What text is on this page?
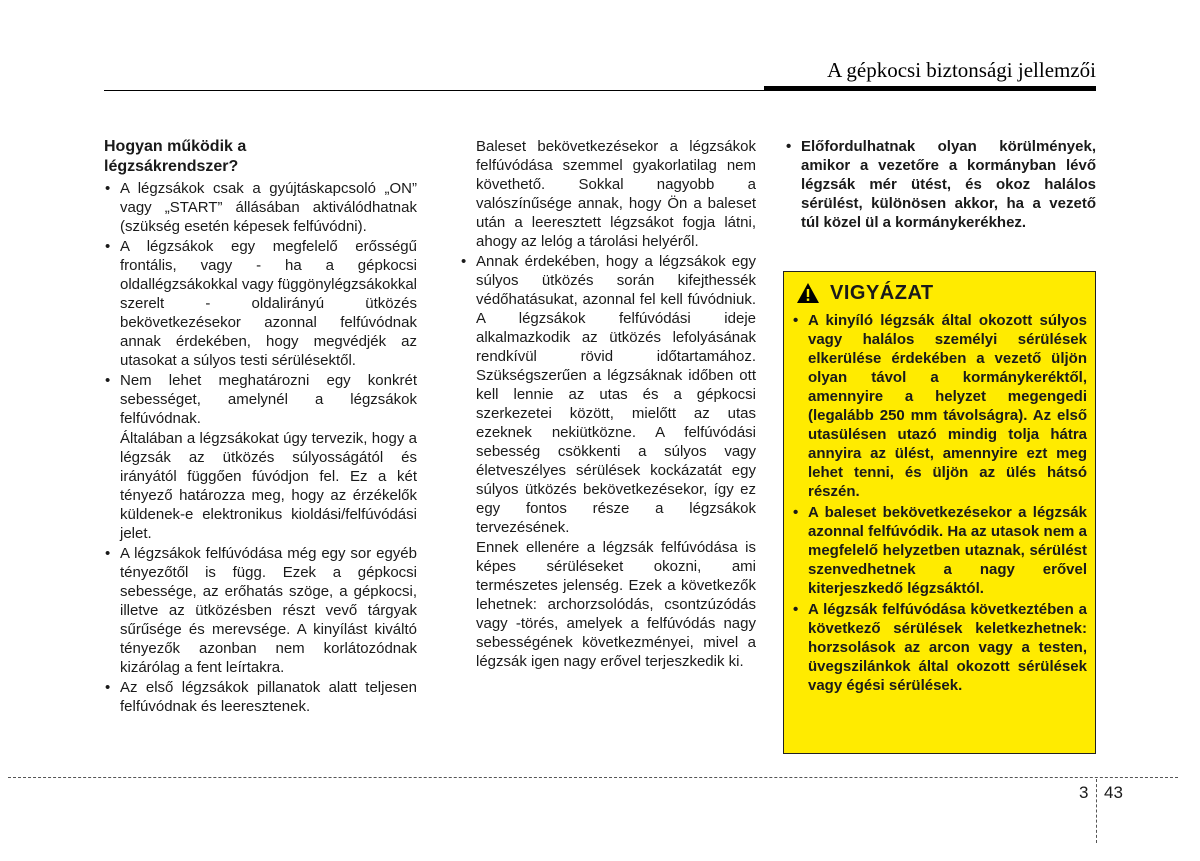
A gépkocsi biztonsági jellemzői
Hogyan működik a
légzsákrendszer?
• A légzsákok csak a gyújtáskapcsoló „ON” vagy „START” állásában aktiválódhatnak (szükség esetén képesek felfúvódni).
• A légzsákok egy megfelelő erősségű frontális, vagy - ha a gépkocsi oldallégzsákokkal vagy függönylégzsákokkal szerelt - oldalirányú ütközés bekövetkezésekor azonnal felfúvódnak annak érdekében, hogy megvédjék az utasokat a súlyos testi sérülésektől.
• Nem lehet meghatározni egy konkrét sebességet, amelynél a légzsákok felfúvódnak.
Általában a légzsákokat úgy tervezik, hogy a légzsák az ütközés súlyosságától és irányától függően fúvódjon fel. Ez a két tényező határozza meg, hogy az érzékelők küldenek-e elektronikus kioldási/felfúvódási jelet.
• A légzsákok felfúvódása még egy sor egyéb tényezőtől is függ. Ezek a gépkocsi sebessége, az erőhatás szöge, a gépkocsi, illetve az ütközésben részt vevő tárgyak sűrűsége és merevsége. A kinyílást kiváltó tényezők azonban nem korlátozódnak kizárólag a fent leírtakra.
• Az első légzsákok pillanatok alatt teljesen felfúvódnak és leeresztenek.
Baleset bekövetkezésekor a légzsákok felfúvódása szemmel gyakorlatilag nem követhető. Sokkal nagyobb a valószínűsége annak, hogy Ön a baleset után a leeresztett légzsákot fogja látni, ahogy az lelóg a tárolási helyéről.
• Annak érdekében, hogy a légzsákok egy súlyos ütközés során kifejthessék védőhatásukat, azonnal fel kell fúvódniuk. A légzsákok felfúvódási ideje alkalmazkodik az ütközés lefolyásának rendkívül rövid időtartamához. Szükségszerűen a légzsáknak időben ott kell lennie az utas és a gépkocsi szerkezetei között, mielőtt az utas ezeknek nekiütközne. A felfúvódási sebesség csökkenti a súlyos vagy életveszélyes sérülések kockázatát egy súlyos ütközés bekövetkezésekor, így ez egy fontos része a légzsákok tervezésének.
Ennek ellenére a légzsák felfúvódása is képes sérüléseket okozni, ami természetes jelenség. Ezek a következők lehetnek: archorzsolódás, csontzúzódás vagy -törés, amelyek a felfúvódás nagy sebességének következményei, mivel a légzsák igen nagy erővel terjeszkedik ki.
• Előfordulhatnak olyan körülmények, amikor a vezetőre a kormányban lévő légzsák mér ütést, és okoz halálos sérülést, különösen akkor, ha a vezető túl közel ül a kormánykerékhez.
VIGYÁZAT
• A kinyíló légzsák által okozott súlyos vagy halálos személyi sérülések elkerülése érdekében a vezető üljön olyan távol a kormánykeréktől, amennyire a helyzet megengedi (legalább 250 mm távolságra). Az első utasülésen utazó mindig tolja hátra annyira az ülést, amennyire ezt meg lehet tenni, és üljön az ülés hátsó részén.
• A baleset bekövetkezésekor a légzsák azonnal felfúvódik. Ha az utasok nem a megfelelő helyzetben utaznak, sérülést szenvedhetnek a nagy erővel kiterjeszkedő légzsáktól.
• A légzsák felfúvódása következtében a következő sérülések keletkezhetnek: horzsolások az arcon vagy a testen, üvegszilánkok által okozott sérülések vagy égési sérülések.
3 43
